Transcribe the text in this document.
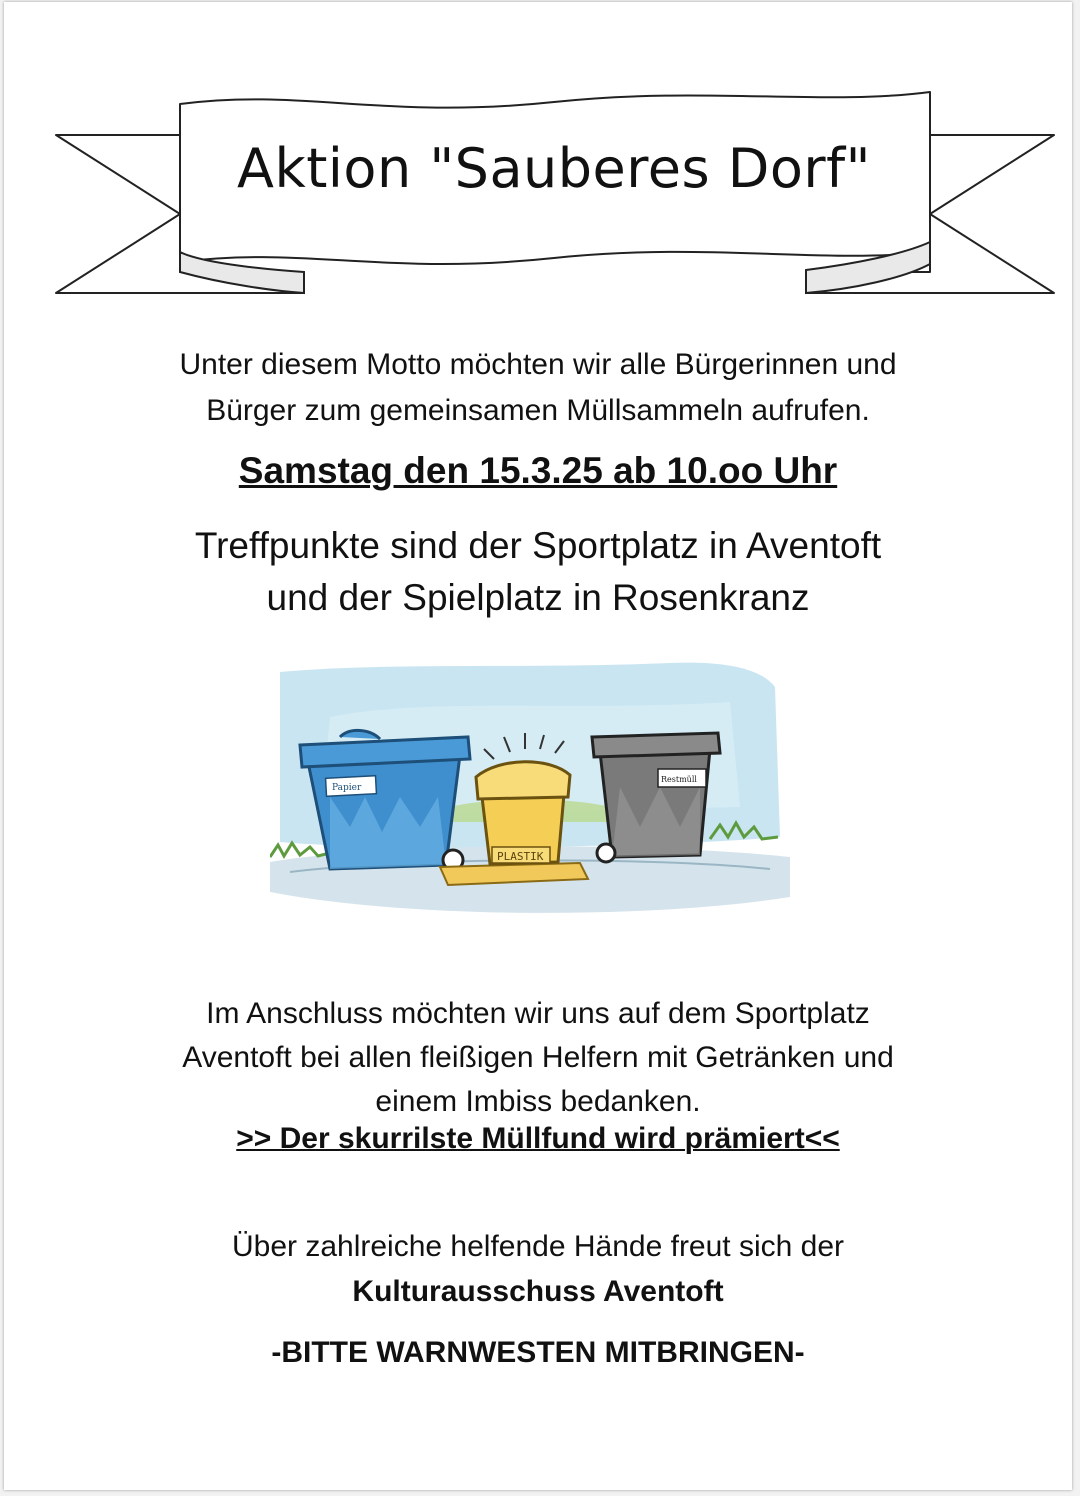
Aktion "Sauberes Dorf"
Unter diesem Motto möchten wir alle Bürgerinnen und
Bürger zum gemeinsamen Müllsammeln aufrufen.
Samstag den 15.3.25 ab 10.oo Uhr
Treffpunkte sind der Sportplatz in Aventoft
und der Spielplatz in Rosenkranz
Papier
PLASTIK
Restmüll
Im Anschluss möchten wir uns auf dem Sportplatz
Aventoft bei allen fleißigen Helfern mit Getränken und
einem Imbiss bedanken.
>> Der skurrilste Müllfund wird prämiert<<
Über zahlreiche helfende Hände freut sich der
Kulturausschuss Aventoft
-BITTE WARNWESTEN MITBRINGEN-
